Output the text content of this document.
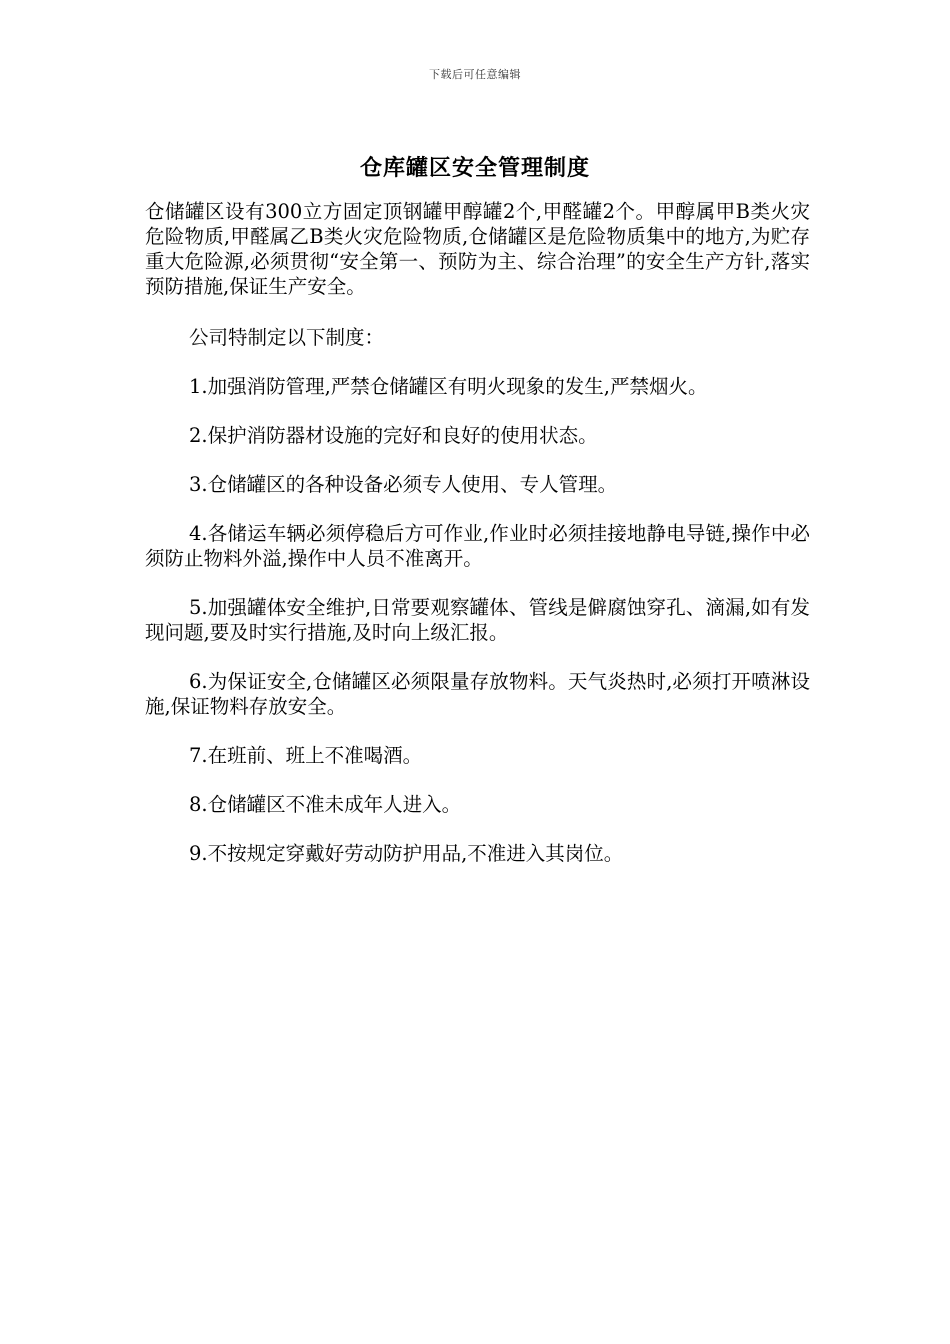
下载后可任意编辑
仓库罐区安全管理制度

仓储罐区设有300立方固定顶钢罐甲醇罐2个,甲醛罐2个。甲醇属甲B类火灾危险物质,甲醛属乙B类火灾危险物质,仓储罐区是危险物质集中的地方,为贮存重大危险源,必须贯彻“安全第一、预防为主、综合治理”的安全生产方针,落实预防措施,保证生产安全。

公司特制定以下制度：

1.加强消防管理,严禁仓储罐区有明火现象的发生,严禁烟火。

2.保护消防器材设施的完好和良好的使用状态。

3.仓储罐区的各种设备必须专人使用、专人管理。

4.各储运车辆必须停稳后方可作业,作业时必须挂接地静电导链,操作中必须防止物料外溢,操作中人员不准离开。

5.加强罐体安全维护,日常要观察罐体、管线是僻腐蚀穿孔、滴漏,如有发现问题,要及时实行措施,及时向上级汇报。

6.为保证安全,仓储罐区必须限量存放物料。天气炎热时,必须打开喷淋设施,保证物料存放安全。

7.在班前、班上不准喝酒。

8.仓储罐区不准未成年人进入。

9.不按规定穿戴好劳动防护用品,不准进入其岗位。
